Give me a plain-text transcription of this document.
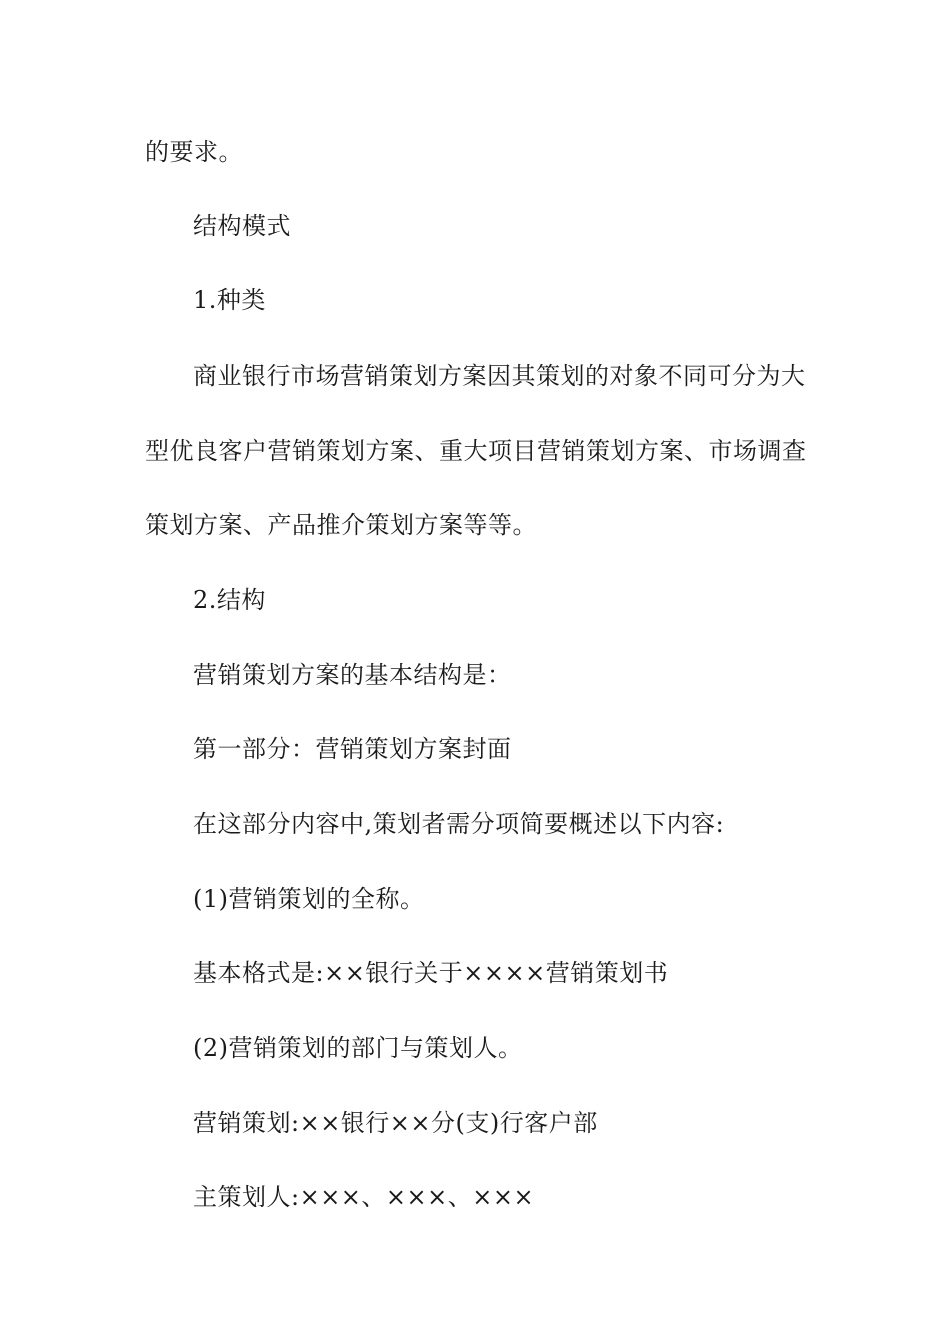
的要求。
结构模式
1.种类
商业银行市场营销策划方案因其策划的对象不同可分为大
型优良客户营销策划方案、重大项目营销策划方案、市场调查
策划方案、产品推介策划方案等等。
2.结构
营销策划方案的基本结构是：
第一部分：营销策划方案封面
在这部分内容中,策划者需分项简要概述以下内容:
(1)营销策划的全称。
基本格式是:××银行关于××××营销策划书
(2)营销策划的部门与策划人。
营销策划:××银行××分(支)行客户部
主策划人:×××、×××、×××
